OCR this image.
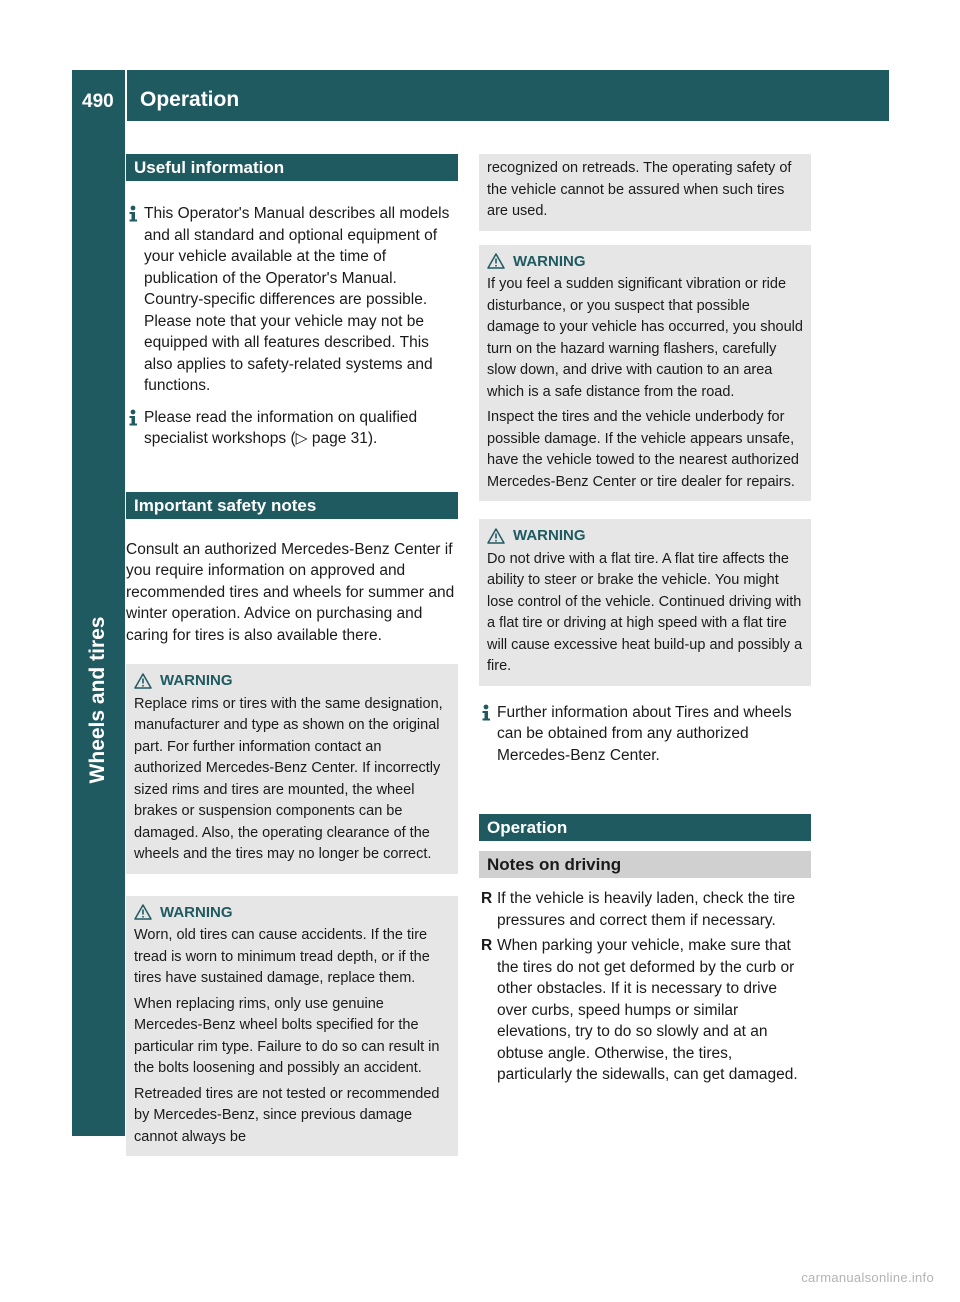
490 Operation
Wheels and tires
Useful information
This Operator's Manual describes all models and all standard and optional equipment of your vehicle available at the time of publication of the Operator's Manual. Country-specific differences are possible. Please note that your vehicle may not be equipped with all features described. This also applies to safety-related systems and functions.
Please read the information on qualified specialist workshops (▷ page 31).
Important safety notes
Consult an authorized Mercedes-Benz Center if you require information on approved and recommended tires and wheels for summer and winter operation. Advice on purchasing and caring for tires is also available there.
WARNING

Replace rims or tires with the same designation, manufacturer and type as shown on the original part. For further information contact an authorized Mercedes-Benz Center. If incorrectly sized rims and tires are mounted, the wheel brakes or suspension components can be damaged. Also, the operating clearance of the wheels and the tires may no longer be correct.

WARNING

Worn, old tires can cause accidents. If the tire tread is worn to minimum tread depth, or if the tires have sustained damage, replace them.

When replacing rims, only use genuine Mercedes-Benz wheel bolts specified for the particular rim type. Failure to do so can result in the bolts loosening and possibly an accident.

Retreaded tires are not tested or recommended by Mercedes-Benz, since previous damage cannot always be

recognized on retreads. The operating safety of the vehicle cannot be assured when such tires are used.

WARNING

If you feel a sudden significant vibration or ride disturbance, or you suspect that possible damage to your vehicle has occurred, you should turn on the hazard warning flashers, carefully slow down, and drive with caution to an area which is a safe distance from the road.

Inspect the tires and the vehicle underbody for possible damage. If the vehicle appears unsafe, have the vehicle towed to the nearest authorized Mercedes-Benz Center or tire dealer for repairs.

WARNING

Do not drive with a flat tire. A flat tire affects the ability to steer or brake the vehicle. You might lose control of the vehicle. Continued driving with a flat tire or driving at high speed with a flat tire will cause excessive heat build-up and possibly a fire.

Further information about Tires and wheels can be obtained from any authorized Mercedes-Benz Center.
Operation
Notes on driving
R If the vehicle is heavily laden, check the tire pressures and correct them if necessary.
R When parking your vehicle, make sure that the tires do not get deformed by the curb or other obstacles. If it is necessary to drive over curbs, speed humps or similar elevations, try to do so slowly and at an obtuse angle. Otherwise, the tires, particularly the sidewalls, can get damaged.
carmanualsonline.info
